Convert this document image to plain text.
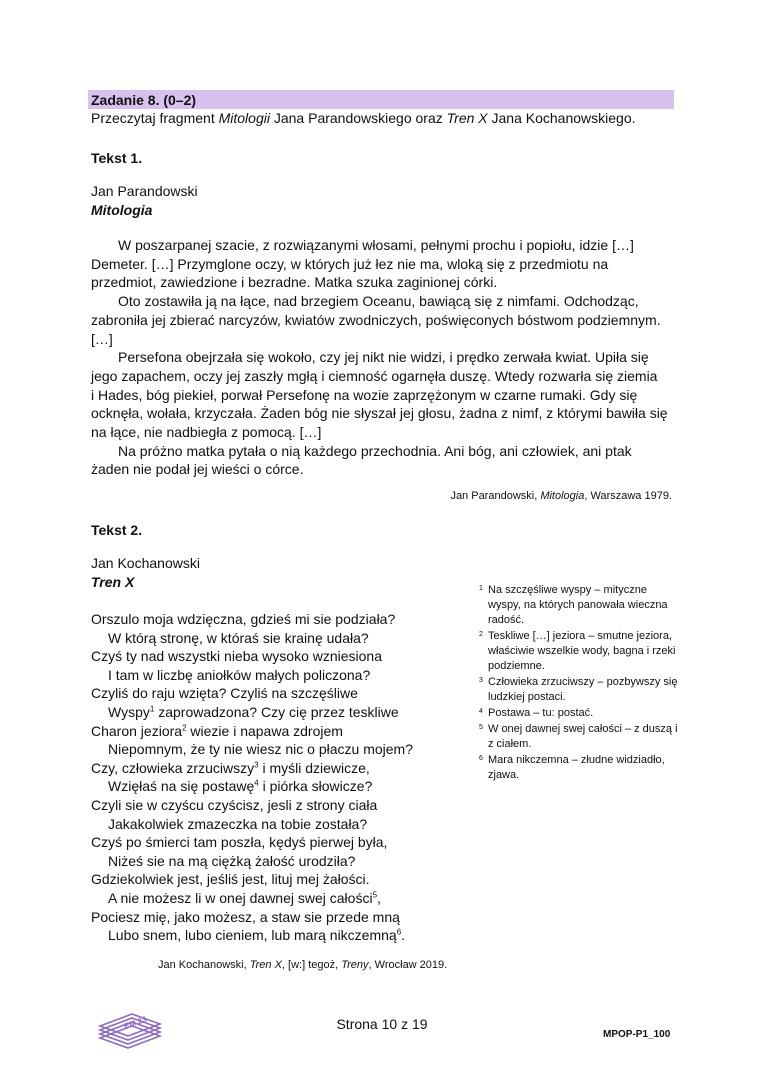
Zadanie 8. (0–2)
Przeczytaj fragment Mitologii Jana Parandowskiego oraz Tren X Jana Kochanowskiego.
Tekst 1.
Jan Parandowski
Mitologia
W poszarpanej szacie, z rozwiązanymi włosami, pełnymi prochu i popiołu, idzie […]
Demeter. […] Przymglone oczy, w których już łez nie ma, wloką się z przedmiotu na
przedmiot, zawiedzione i bezradne. Matka szuka zaginionej córki.
Oto zostawiła ją na łące, nad brzegiem Oceanu, bawiącą się z nimfami. Odchodząc,
zabroniła jej zbierać narcyzów, kwiatów zwodniczych, poświęconych bóstwom podziemnym.
[…]
Persefona obejrzała się wokoło, czy jej nikt nie widzi, i prędko zerwała kwiat. Upiła się
jego zapachem, oczy jej zaszły mgłą i ciemność ogarnęła duszę. Wtedy rozwarła się ziemia
i Hades, bóg piekieł, porwał Persefonę na wozie zaprzężonym w czarne rumaki. Gdy się
ocknęła, wołała, krzyczała. Żaden bóg nie słyszał jej głosu, żadna z nimf, z którymi bawiła się
na łące, nie nadbiegła z pomocą. […]
Na próżno matka pytała o nią każdego przechodnia. Ani bóg, ani człowiek, ani ptak
żaden nie podał jej wieści o córce.
Jan Parandowski, Mitologia, Warszawa 1979.
Tekst 2.
Jan Kochanowski
Tren X
Orszulo moja wdzięczna, gdzieś mi sie podziała?
W którą stronę, w któraś sie krainę udała?
Czyś ty nad wszystki nieba wysoko wzniesiona
I tam w liczbę aniołków małych policzona?
Czyliś do raju wzięta? Czyliś na szczęśliwe
Wyspy$^1$ zaprowadzona? Czy cię przez teskliwe
Charon jeziora$^2$ wiezie i napawa zdrojem
Niepomnym, że ty nie wiesz nic o płaczu mojem?
Czy, człowieka zrzuciwszy$^3$ i myśli dziewicze,
Wzięłaś na się postawę$^4$ i piórka słowicze?
Czyli sie w czyścu czyścisz, jesli z strony ciała
Jakakolwiek zmazeczka na tobie została?
Czyś po śmierci tam poszła, kędyś pierwej była,
Niżeś sie na mą ciężką żałość urodziła?
Gdziekolwiek jest, jeśliś jest, lituj mej żałości.
A nie możesz li w onej dawnej swej całości$^5$,
Pociesz mię, jako możesz, a staw sie przede mną
Lubo snem, lubo cieniem, lub marą nikczemną$^6$.
1 Na szczęśliwe wyspy – mityczne wyspy, na których panowała wieczna radość.
2 Teskliwe […] jeziora – smutne jeziora, właściwie wszelkie wody, bagna i rzeki podziemne.
3 Człowieka zrzuciwszy – pozbywszy się ludzkiej postaci.
4 Postawa – tu: postać.
5 W onej dawnej swej całości – z duszą i z ciałem.
6 Mara nikczemna – złudne widziadło, zjawa.
Jan Kochanowski, Tren X, [w:] tegoż, Treny, Wrocław 2019.
EM 23	Strona 10 z 19
MPOP-P1_100
